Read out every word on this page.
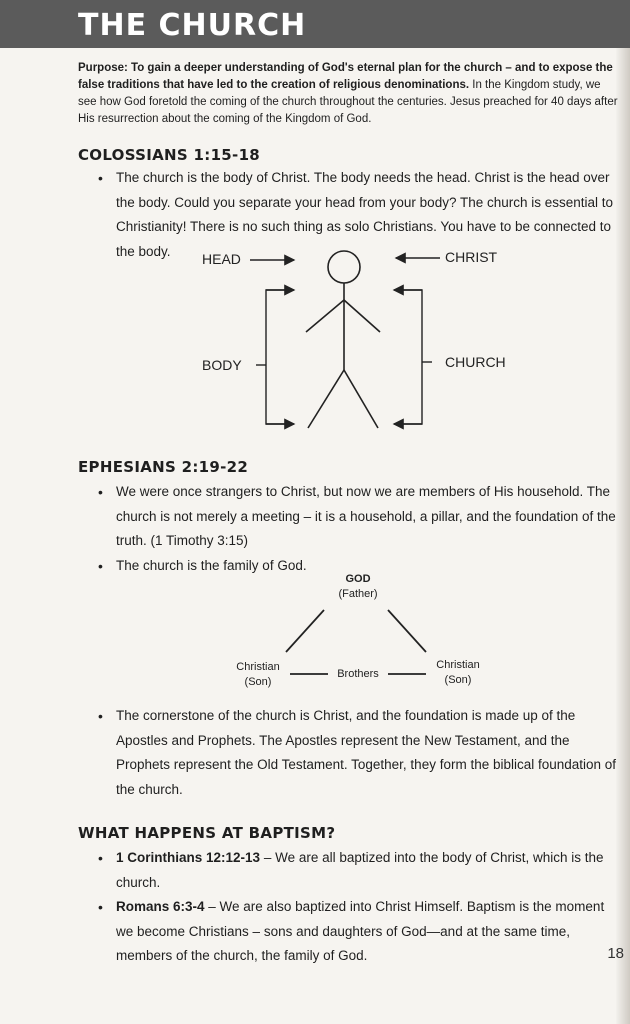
THE CHURCH

Purpose: To gain a deeper understanding of God's eternal plan for the church – and to expose the false traditions that have led to the creation of religious denominations. In the Kingdom study, we see how God foretold the coming of the church throughout the centuries. Jesus preached for 40 days after His resurrection about the coming of the Kingdom of God.

COLOSSIANS 1:15-18
• The church is the body of Christ. The body needs the head. Christ is the head over the body. Could you separate your head from your body? The church is essential to Christianity! There is no such thing as solo Christians. You have to be connected to the body.	HEAD	CHRIST
BODY	CHURCH
EPHESIANS 2:19-22
• We were once strangers to Christ, but now we are members of His household. The church is not merely a meeting – it is a household, a pillar, and the foundation of the truth. (1 Timothy 3:15)
• The church is the family of God.
GOD
(Father)
Christian
(Son)
Brothers
Christian
(Son)
• The cornerstone of the church is Christ, and the foundation is made up of the Apostles and Prophets. The Apostles represent the New Testament, and the Prophets represent the Old Testament. Together, they form the biblical foundation of the church.
WHAT HAPPENS AT BAPTISM?
• 1 Corinthians 12:12-13 – We are all baptized into the body of Christ, which is the church.
• Romans 6:3-4 – We are also baptized into Christ Himself. Baptism is the moment we become Christians – sons and daughters of God—and at the same time, members of the church, the family of God.	18
